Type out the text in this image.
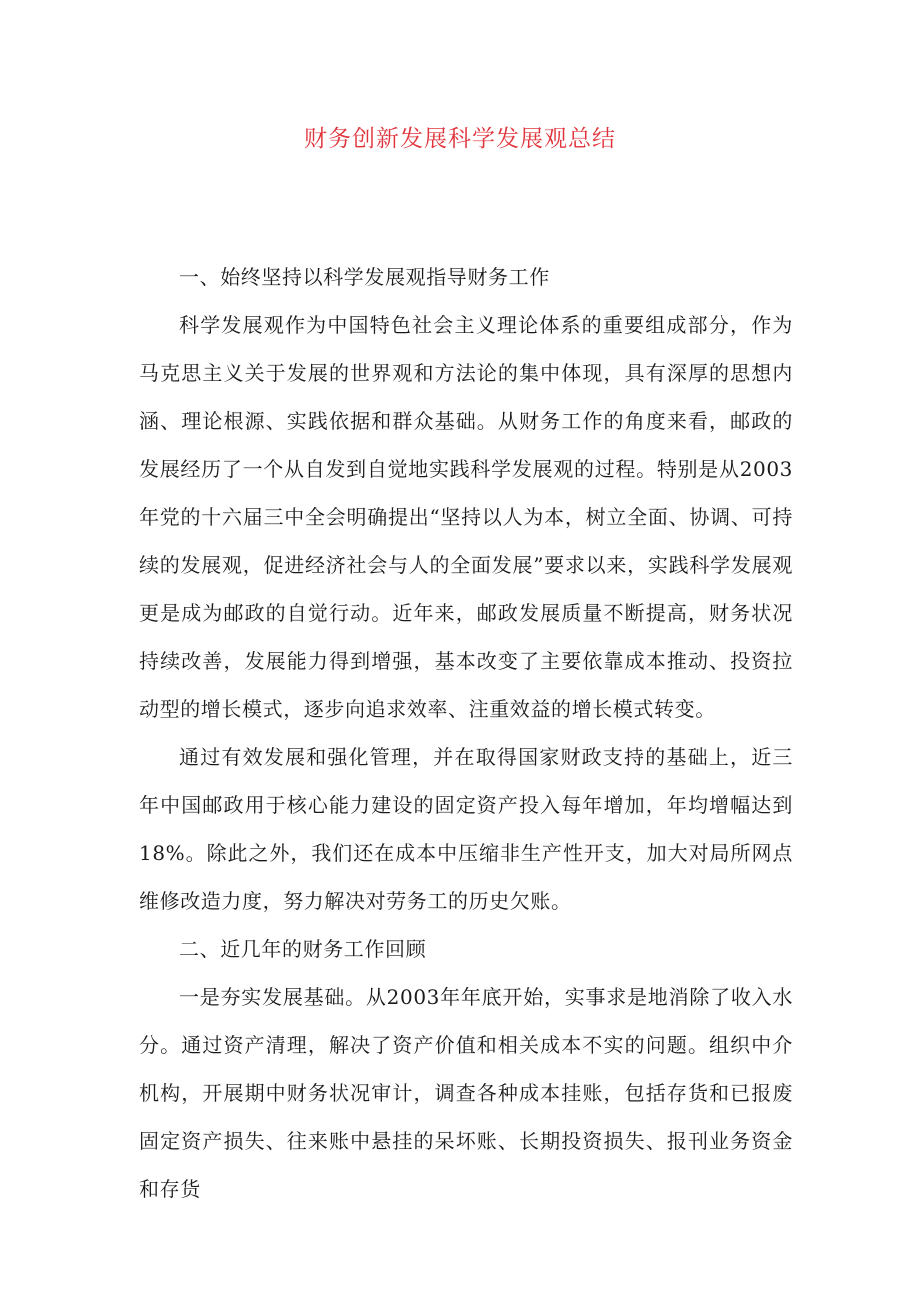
财务创新发展科学发展观总结

一、始终坚持以科学发展观指导财务工作

科学发展观作为中国特色社会主义理论体系的重要组成部分，作为马克思主义关于发展的世界观和方法论的集中体现，具有深厚的思想内涵、理论根源、实践依据和群众基础。从财务工作的角度来看，邮政的发展经历了一个从自发到自觉地实践科学发展观的过程。特别是从2003年党的十六届三中全会明确提出“坚持以人为本，树立全面、协调、可持续的发展观，促进经济社会与人的全面发展”要求以来，实践科学发展观更是成为邮政的自觉行动。近年来，邮政发展质量不断提高，财务状况持续改善，发展能力得到增强，基本改变了主要依靠成本推动、投资拉动型的增长模式，逐步向追求效率、注重效益的增长模式转变。

通过有效发展和强化管理，并在取得国家财政支持的基础上，近三年中国邮政用于核心能力建设的固定资产投入每年增加，年均增幅达到18%。除此之外，我们还在成本中压缩非生产性开支，加大对局所网点维修改造力度，努力解决对劳务工的历史欠账。

二、近几年的财务工作回顾

一是夯实发展基础。从2003年年底开始，实事求是地消除了收入水分。通过资产清理，解决了资产价值和相关成本不实的问题。组织中介机构，开展期中财务状况审计，调查各种成本挂账，包括存货和已报废固定资产损失、往来账中悬挂的呆坏账、长期投资损失、报刊业务资金和存货
